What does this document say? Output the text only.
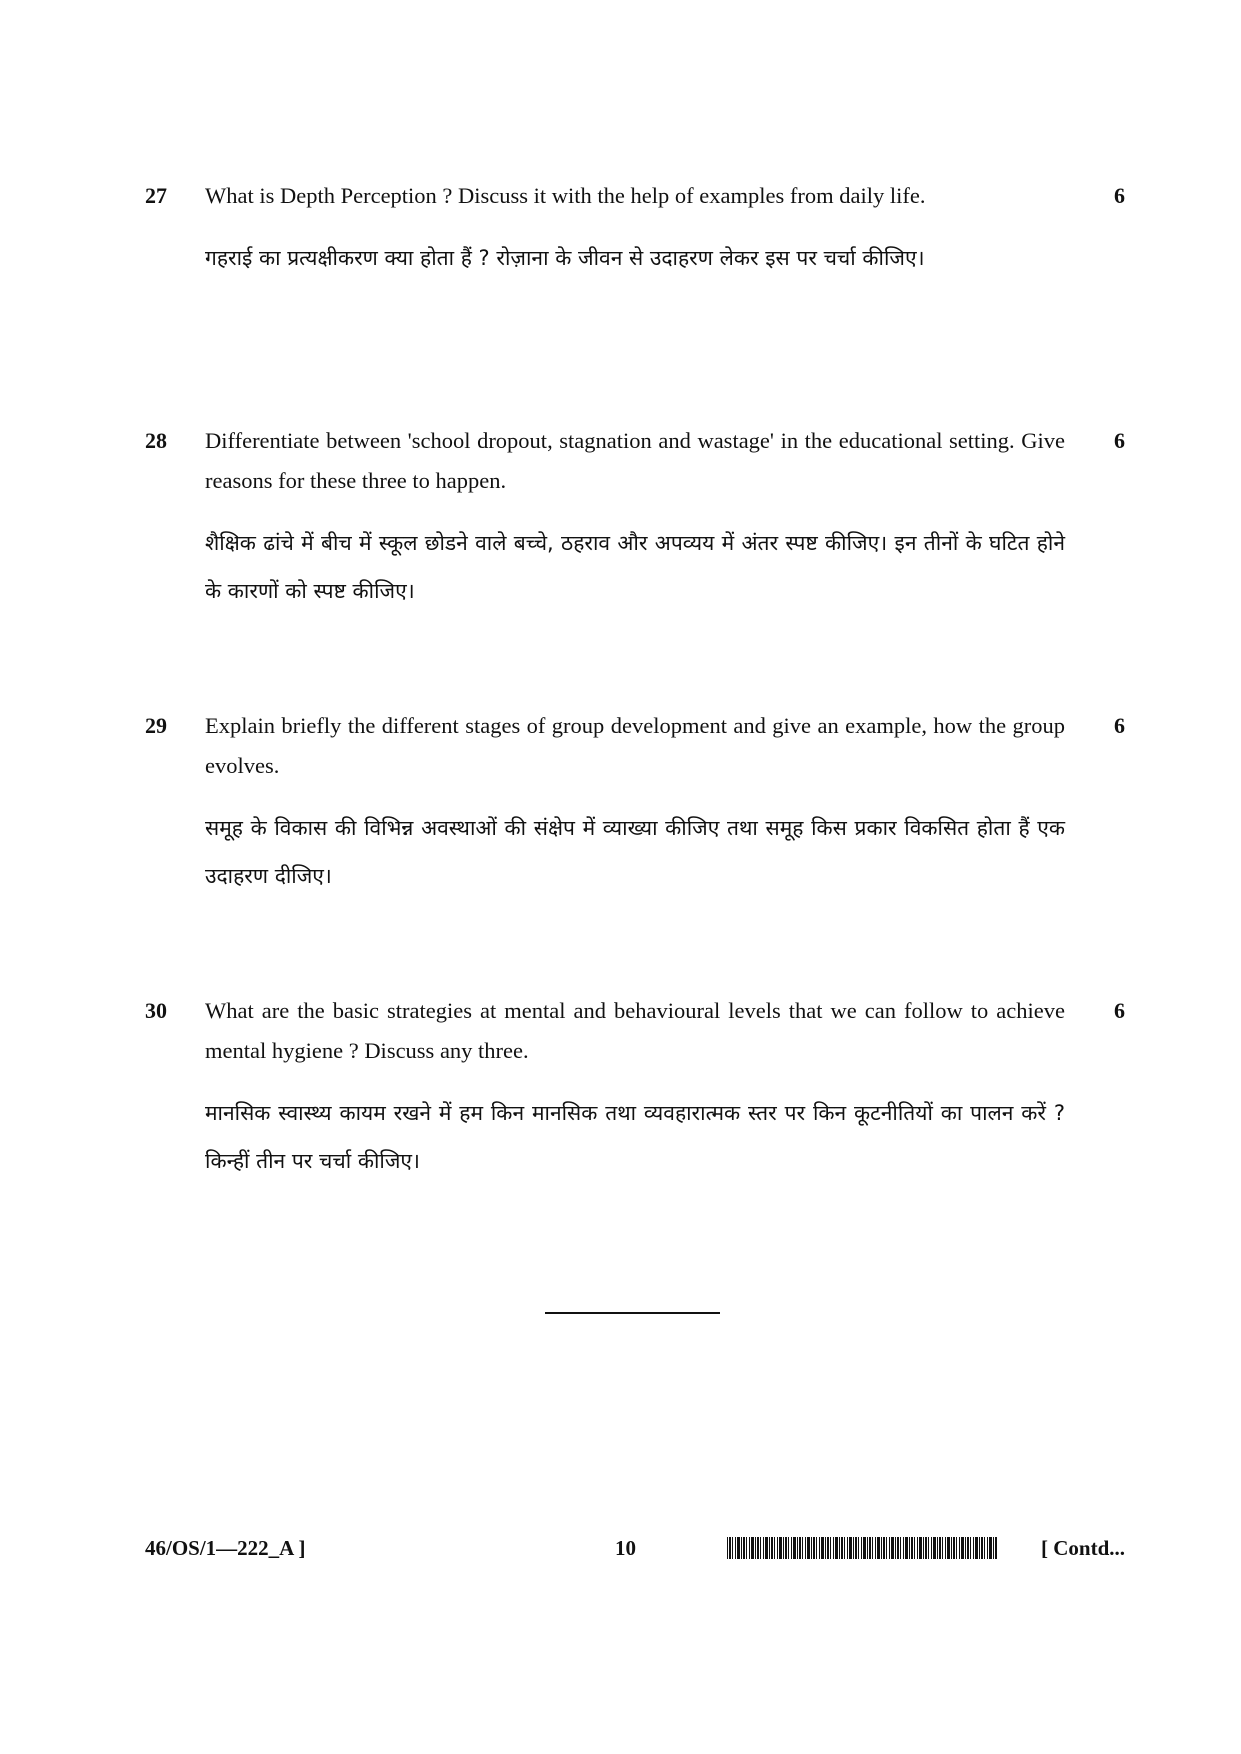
27 What is Depth Perception ? Discuss it with the help of examples from daily life.
गहराई का प्रत्यक्षीकरण क्या होता हैं ? रोज़ाना के जीवन से उदाहरण लेकर इस पर चर्चा कीजिए।
6
28 Differentiate between 'school dropout, stagnation and wastage' in the educational setting. Give reasons for these three to happen.
शैक्षिक ढांचे में बीच में स्कूल छोडने वाले बच्चे, ठहराव और अपव्यय में अंतर स्पष्ट कीजिए। इन तीनों के घटित होने के कारणों को स्पष्ट कीजिए।
6
29 Explain briefly the different stages of group development and give an example, how the group evolves.
समूह के विकास की विभिन्न अवस्थाओं की संक्षेप में व्याख्या कीजिए तथा समूह किस प्रकार विकसित होता हैं एक उदाहरण दीजिए।
6
30 What are the basic strategies at mental and behavioural levels that we can follow to achieve mental hygiene ? Discuss any three.
मानसिक स्वास्थ्य कायम रखने में हम किन मानसिक तथा व्यवहारात्मक स्तर पर किन कूटनीतियों का पालन करें ? किन्हीं तीन पर चर्चा कीजिए।
6
46/OS/1—222_A ]	10	[ Contd...
